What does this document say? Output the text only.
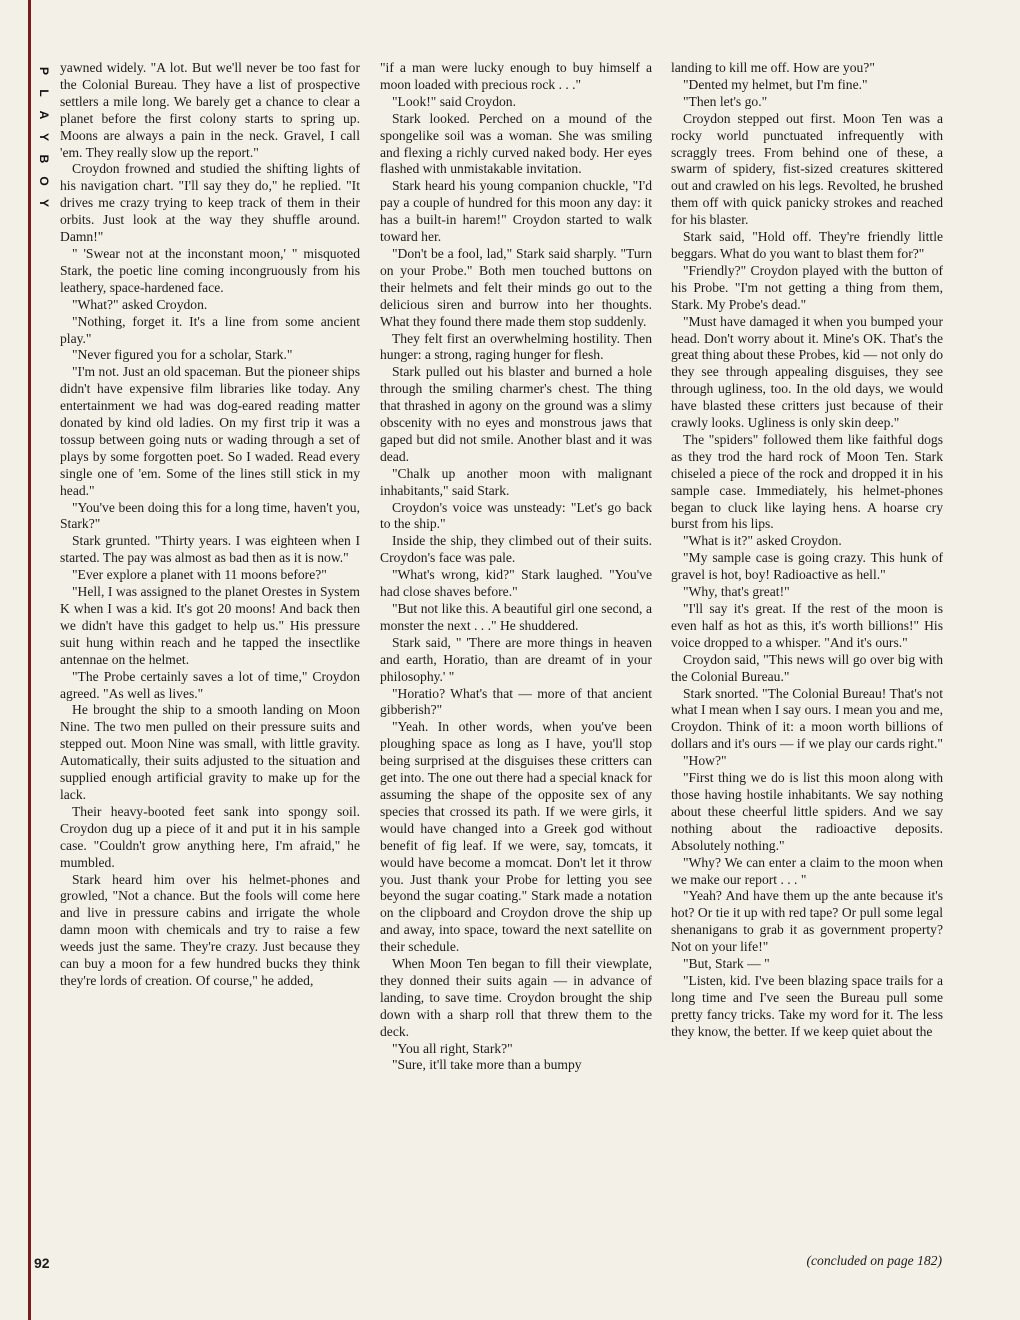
P
L
A
Y
B
O
Y

yawned widely. "A lot. But we'll never be too fast for the Colonial Bureau. They have a list of prospective settlers a mile long. We barely get a chance to clear a planet before the first colony starts to spring up. Moons are always a pain in the neck. Gravel, I call 'em. They really slow up the report."

Croydon frowned and studied the shifting lights of his navigation chart. "I'll say they do," he replied. "It drives me crazy trying to keep track of them in their orbits. Just look at the way they shuffle around. Damn!"

" 'Swear not at the inconstant moon,' " misquoted Stark, the poetic line coming incongruously from his leathery, space-hardened face.

"What?" asked Croydon.

"Nothing, forget it. It's a line from some ancient play."

"Never figured you for a scholar, Stark."

"I'm not. Just an old spaceman. But the pioneer ships didn't have expensive film libraries like today. Any entertainment we had was dog-eared reading matter donated by kind old ladies. On my first trip it was a tossup between going nuts or wading through a set of plays by some forgotten poet. So I waded. Read every single one of 'em. Some of the lines still stick in my head."

"You've been doing this for a long time, haven't you, Stark?"

Stark grunted. "Thirty years. I was eighteen when I started. The pay was almost as bad then as it is now."

"Ever explore a planet with 11 moons before?"

"Hell, I was assigned to the planet Orestes in System K when I was a kid. It's got 20 moons! And back then we didn't have this gadget to help us." His pressure suit hung within reach and he tapped the insectlike antennae on the helmet.

"The Probe certainly saves a lot of time," Croydon agreed. "As well as lives."

He brought the ship to a smooth landing on Moon Nine. The two men pulled on their pressure suits and stepped out. Moon Nine was small, with little gravity. Automatically, their suits adjusted to the situation and supplied enough artificial gravity to make up for the lack.

Their heavy-booted feet sank into spongy soil. Croydon dug up a piece of it and put it in his sample case. "Couldn't grow anything here, I'm afraid," he mumbled.

Stark heard him over his helmet-phones and growled, "Not a chance. But the fools will come here and live in pressure cabins and irrigate the whole damn moon with chemicals and try to raise a few weeds just the same. They're crazy. Just because they can buy a moon for a few hundred bucks they think they're lords of creation. Of course," he added,

"if a man were lucky enough to buy himself a moon loaded with precious rock . . ."

"Look!" said Croydon.

Stark looked. Perched on a mound of the spongelike soil was a woman. She was smiling and flexing a richly curved naked body. Her eyes flashed with unmistakable invitation.

Stark heard his young companion chuckle, "I'd pay a couple of hundred for this moon any day: it has a built-in harem!" Croydon started to walk toward her.

"Don't be a fool, lad," Stark said sharply. "Turn on your Probe." Both men touched buttons on their helmets and felt their minds go out to the delicious siren and burrow into her thoughts. What they found there made them stop suddenly.

They felt first an overwhelming hostility. Then hunger: a strong, raging hunger for flesh.

Stark pulled out his blaster and burned a hole through the smiling charmer's chest. The thing that thrashed in agony on the ground was a slimy obscenity with no eyes and monstrous jaws that gaped but did not smile. Another blast and it was dead.

"Chalk up another moon with malignant inhabitants," said Stark.

Croydon's voice was unsteady: "Let's go back to the ship."

Inside the ship, they climbed out of their suits. Croydon's face was pale.

"What's wrong, kid?" Stark laughed. "You've had close shaves before."

"But not like this. A beautiful girl one second, a monster the next . . ." He shuddered.

Stark said, " 'There are more things in heaven and earth, Horatio, than are dreamt of in your philosophy.' "

"Horatio? What's that — more of that ancient gibberish?"

"Yeah. In other words, when you've been ploughing space as long as I have, you'll stop being surprised at the disguises these critters can get into. The one out there had a special knack for assuming the shape of the opposite sex of any species that crossed its path. If we were girls, it would have changed into a Greek god without benefit of fig leaf. If we were, say, tomcats, it would have become a momcat. Don't let it throw you. Just thank your Probe for letting you see beyond the sugar coating." Stark made a notation on the clipboard and Croydon drove the ship up and away, into space, toward the next satellite on their schedule.

When Moon Ten began to fill their viewplate, they donned their suits again — in advance of landing, to save time. Croydon brought the ship down with a sharp roll that threw them to the deck.

"You all right, Stark?"

"Sure, it'll take more than a bumpy

landing to kill me off. How are you?"

"Dented my helmet, but I'm fine."

"Then let's go."

Croydon stepped out first. Moon Ten was a rocky world punctuated infrequently with scraggly trees. From behind one of these, a swarm of spidery, fist-sized creatures skittered out and crawled on his legs. Revolted, he brushed them off with quick panicky strokes and reached for his blaster.

Stark said, "Hold off. They're friendly little beggars. What do you want to blast them for?"

"Friendly?" Croydon played with the button of his Probe. "I'm not getting a thing from them, Stark. My Probe's dead."

"Must have damaged it when you bumped your head. Don't worry about it. Mine's OK. That's the great thing about these Probes, kid — not only do they see through appealing disguises, they see through ugliness, too. In the old days, we would have blasted these critters just because of their crawly looks. Ugliness is only skin deep."

The "spiders" followed them like faithful dogs as they trod the hard rock of Moon Ten. Stark chiseled a piece of the rock and dropped it in his sample case. Immediately, his helmet-phones began to cluck like laying hens. A hoarse cry burst from his lips.

"What is it?" asked Croydon.

"My sample case is going crazy. This hunk of gravel is hot, boy! Radioactive as hell."

"Why, that's great!"

"I'll say it's great. If the rest of the moon is even half as hot as this, it's worth billions!" His voice dropped to a whisper. "And it's ours."

Croydon said, "This news will go over big with the Colonial Bureau."

Stark snorted. "The Colonial Bureau! That's not what I mean when I say ours. I mean you and me, Croydon. Think of it: a moon worth billions of dollars and it's ours — if we play our cards right."

"How?"

"First thing we do is list this moon along with those having hostile inhabitants. We say nothing about these cheerful little spiders. And we say nothing about the radioactive deposits. Absolutely nothing."

"Why? We can enter a claim to the moon when we make our report . . . "

"Yeah? And have them up the ante because it's hot? Or tie it up with red tape? Or pull some legal shenanigans to grab it as government property? Not on your life!"

"But, Stark — "

"Listen, kid. I've been blazing space trails for a long time and I've seen the Bureau pull some pretty fancy tricks. Take my word for it. The less they know, the better. If we keep quiet about the

92	(concluded on page 182)
